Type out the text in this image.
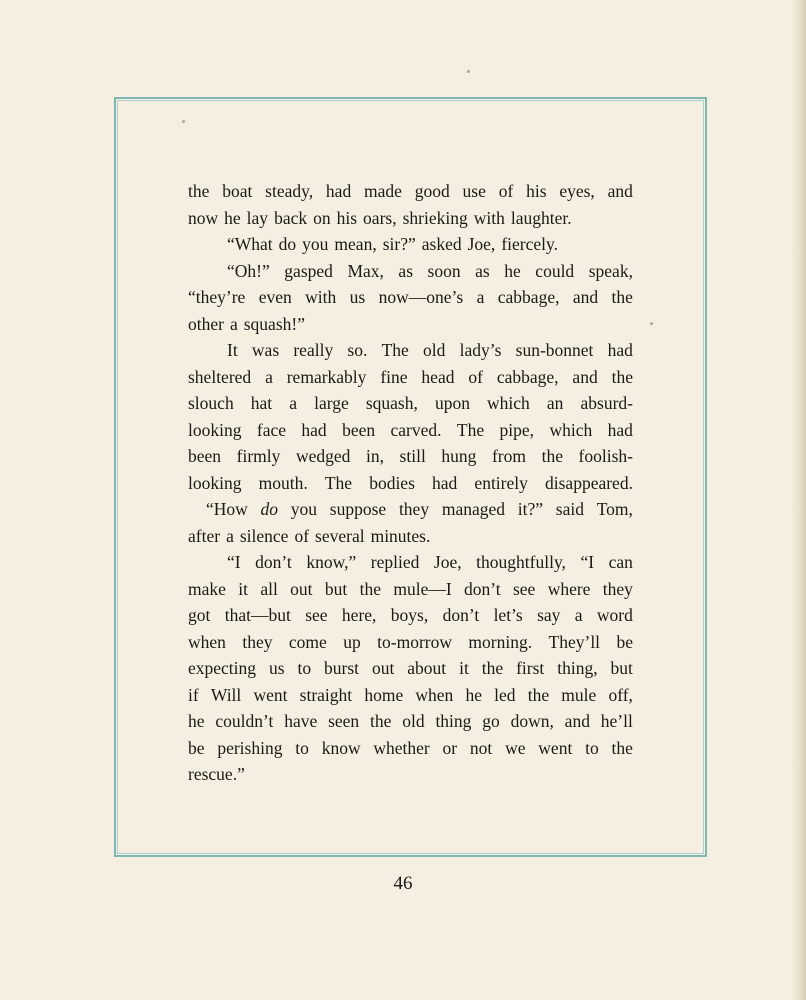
the boat steady, had made good use of his eyes, and
now he lay back on his oars, shrieking with laughter.
“What do you mean, sir?” asked Joe, fiercely.
“Oh!” gasped Max, as soon as he could speak,
“they’re even with us now—one’s a cabbage, and the
other a squash!”
It was really so. The old lady’s sun-bonnet had
sheltered a remarkably fine head of cabbage, and the
slouch hat a large squash, upon which an absurd-
looking face had been carved. The pipe, which had
been firmly wedged in, still hung from the foolish-
looking mouth. The bodies had entirely disappeared.
“How do you suppose they managed it?” said Tom,
after a silence of several minutes.
“I don’t know,” replied Joe, thoughtfully, “I can
make it all out but the mule—I don’t see where they
got that—but see here, boys, don’t let’s say a word
when they come up to-morrow morning. They’ll be
expecting us to burst out about it the first thing, but
if Will went straight home when he led the mule off,
he couldn’t have seen the old thing go down, and he’ll
be perishing to know whether or not we went to the
rescue.”
46
